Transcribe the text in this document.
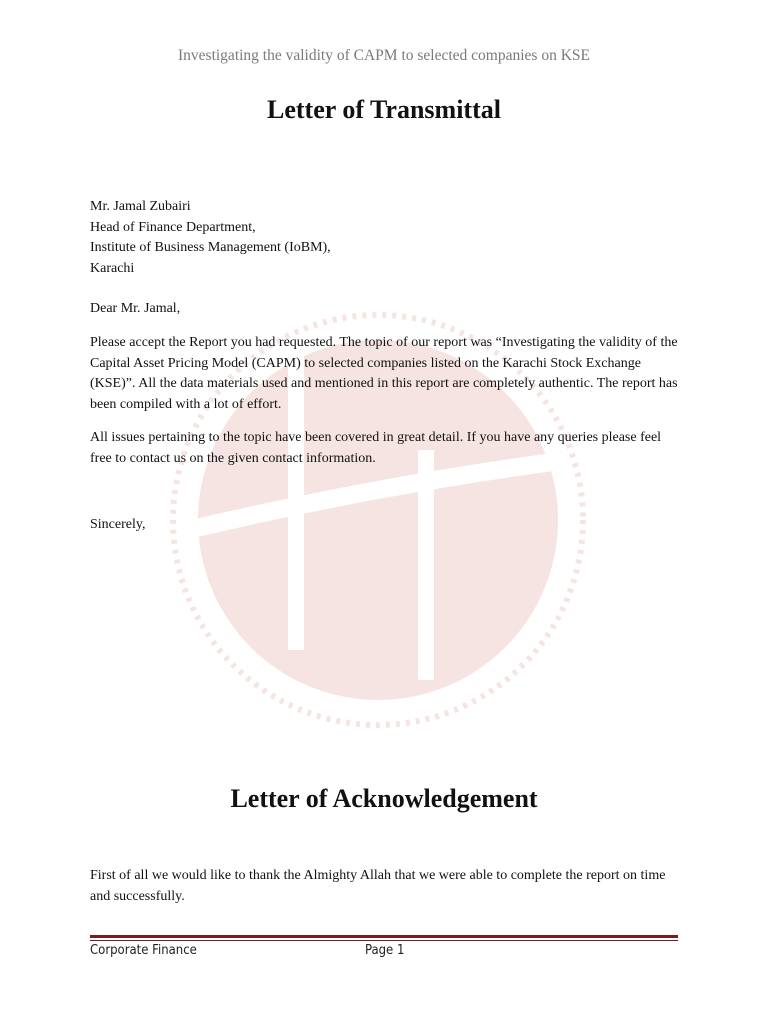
Investigating the validity of CAPM to selected companies on KSE
Letter of Transmittal
Mr. Jamal Zubairi
Head of Finance Department,
Institute of Business Management (IoBM),
Karachi
Dear Mr. Jamal,
Please accept the Report you had requested. The topic of our report was “Investigating the validity of the Capital Asset Pricing Model (CAPM) to selected companies listed on the Karachi Stock Exchange (KSE)”. All the data materials used and mentioned in this report are completely authentic. The report has been compiled with a lot of effort.
All issues pertaining to the topic have been covered in great detail. If you have any queries please feel free to contact us on the given contact information.
Sincerely,
Letter of Acknowledgement
First of all we would like to thank the Almighty Allah that we were able to complete the report on time and successfully.
Corporate Finance	Page 1
